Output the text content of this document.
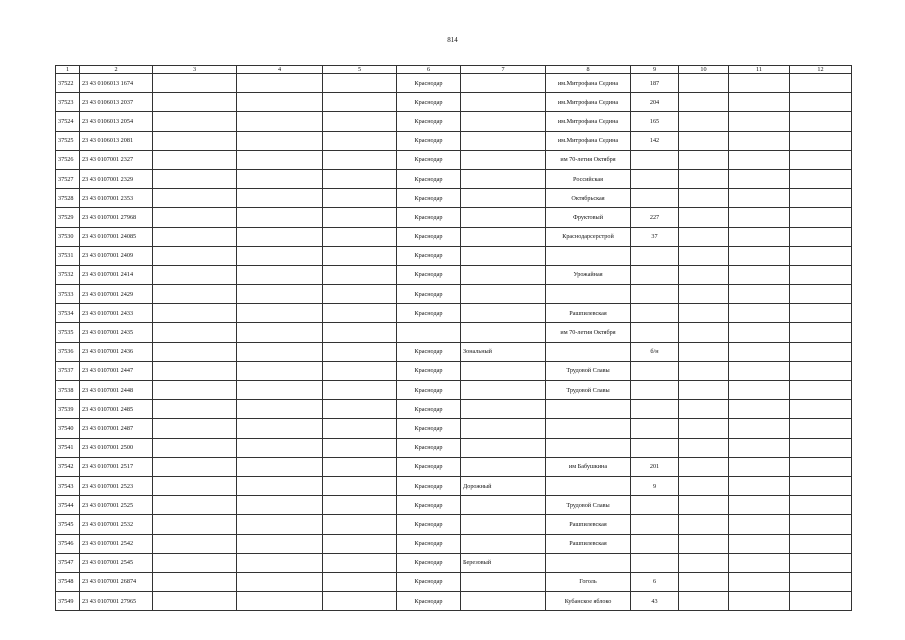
814
1	2	3	4	5	6	7	8	9	10	11	12
37522	23 43 0106013 1674				Краснодар		им.Митрофана Седина	187			
37523	23 43 0106013 2037				Краснодар		им.Митрофана Седина	204			
37524	23 43 0106013 2054				Краснодар		им.Митрофана Седина	165			
37525	23 43 0106013 2081				Краснодар		им.Митрофана Седина	142			
37526	23 43 0107001 2327				Краснодар		им 70-летия Октября				
37527	23 43 0107001 2329				Краснодар		Российская				
37528	23 43 0107001 2353				Краснодар		Октябрьская				
37529	23 43 0107001 27968				Краснодар		Фруктовый	227			
37530	23 43 0107001 24085				Краснодар		Краснодарсерстрой	37			
37531	23 43 0107001 2409				Краснодар						
37532	23 43 0107001 2414				Краснодар		Урожайная				
37533	23 43 0107001 2429				Краснодар						
37534	23 43 0107001 2433				Краснодар		Рашпилевская				
37535	23 43 0107001 2435						им 70-летия Октября				
37536	23 43 0107001 2436				Краснодар	Зональный		б/н			
37537	23 43 0107001 2447				Краснодар		Трудовой Славы				
37538	23 43 0107001 2448				Краснодар		Трудовой Славы				
37539	23 43 0107001 2485				Краснодар						
37540	23 43 0107001 2487				Краснодар						
37541	23 43 0107001 2500				Краснодар						
37542	23 43 0107001 2517				Краснодар		им Бабушкина	201			
37543	23 43 0107001 2523				Краснодар	Дорожный		9			
37544	23 43 0107001 2525				Краснодар		Трудовой Славы				
37545	23 43 0107001 2532				Краснодар		Рашпилевская				
37546	23 43 0107001 2542				Краснодар		Рашпилевская				
37547	23 43 0107001 2545				Краснодар	Березовый					
37548	23 43 0107001 26874				Краснодар		Гоголь	6			
37549	23 43 0107001 27965				Краснодар		Кубанское яблоко	43			
